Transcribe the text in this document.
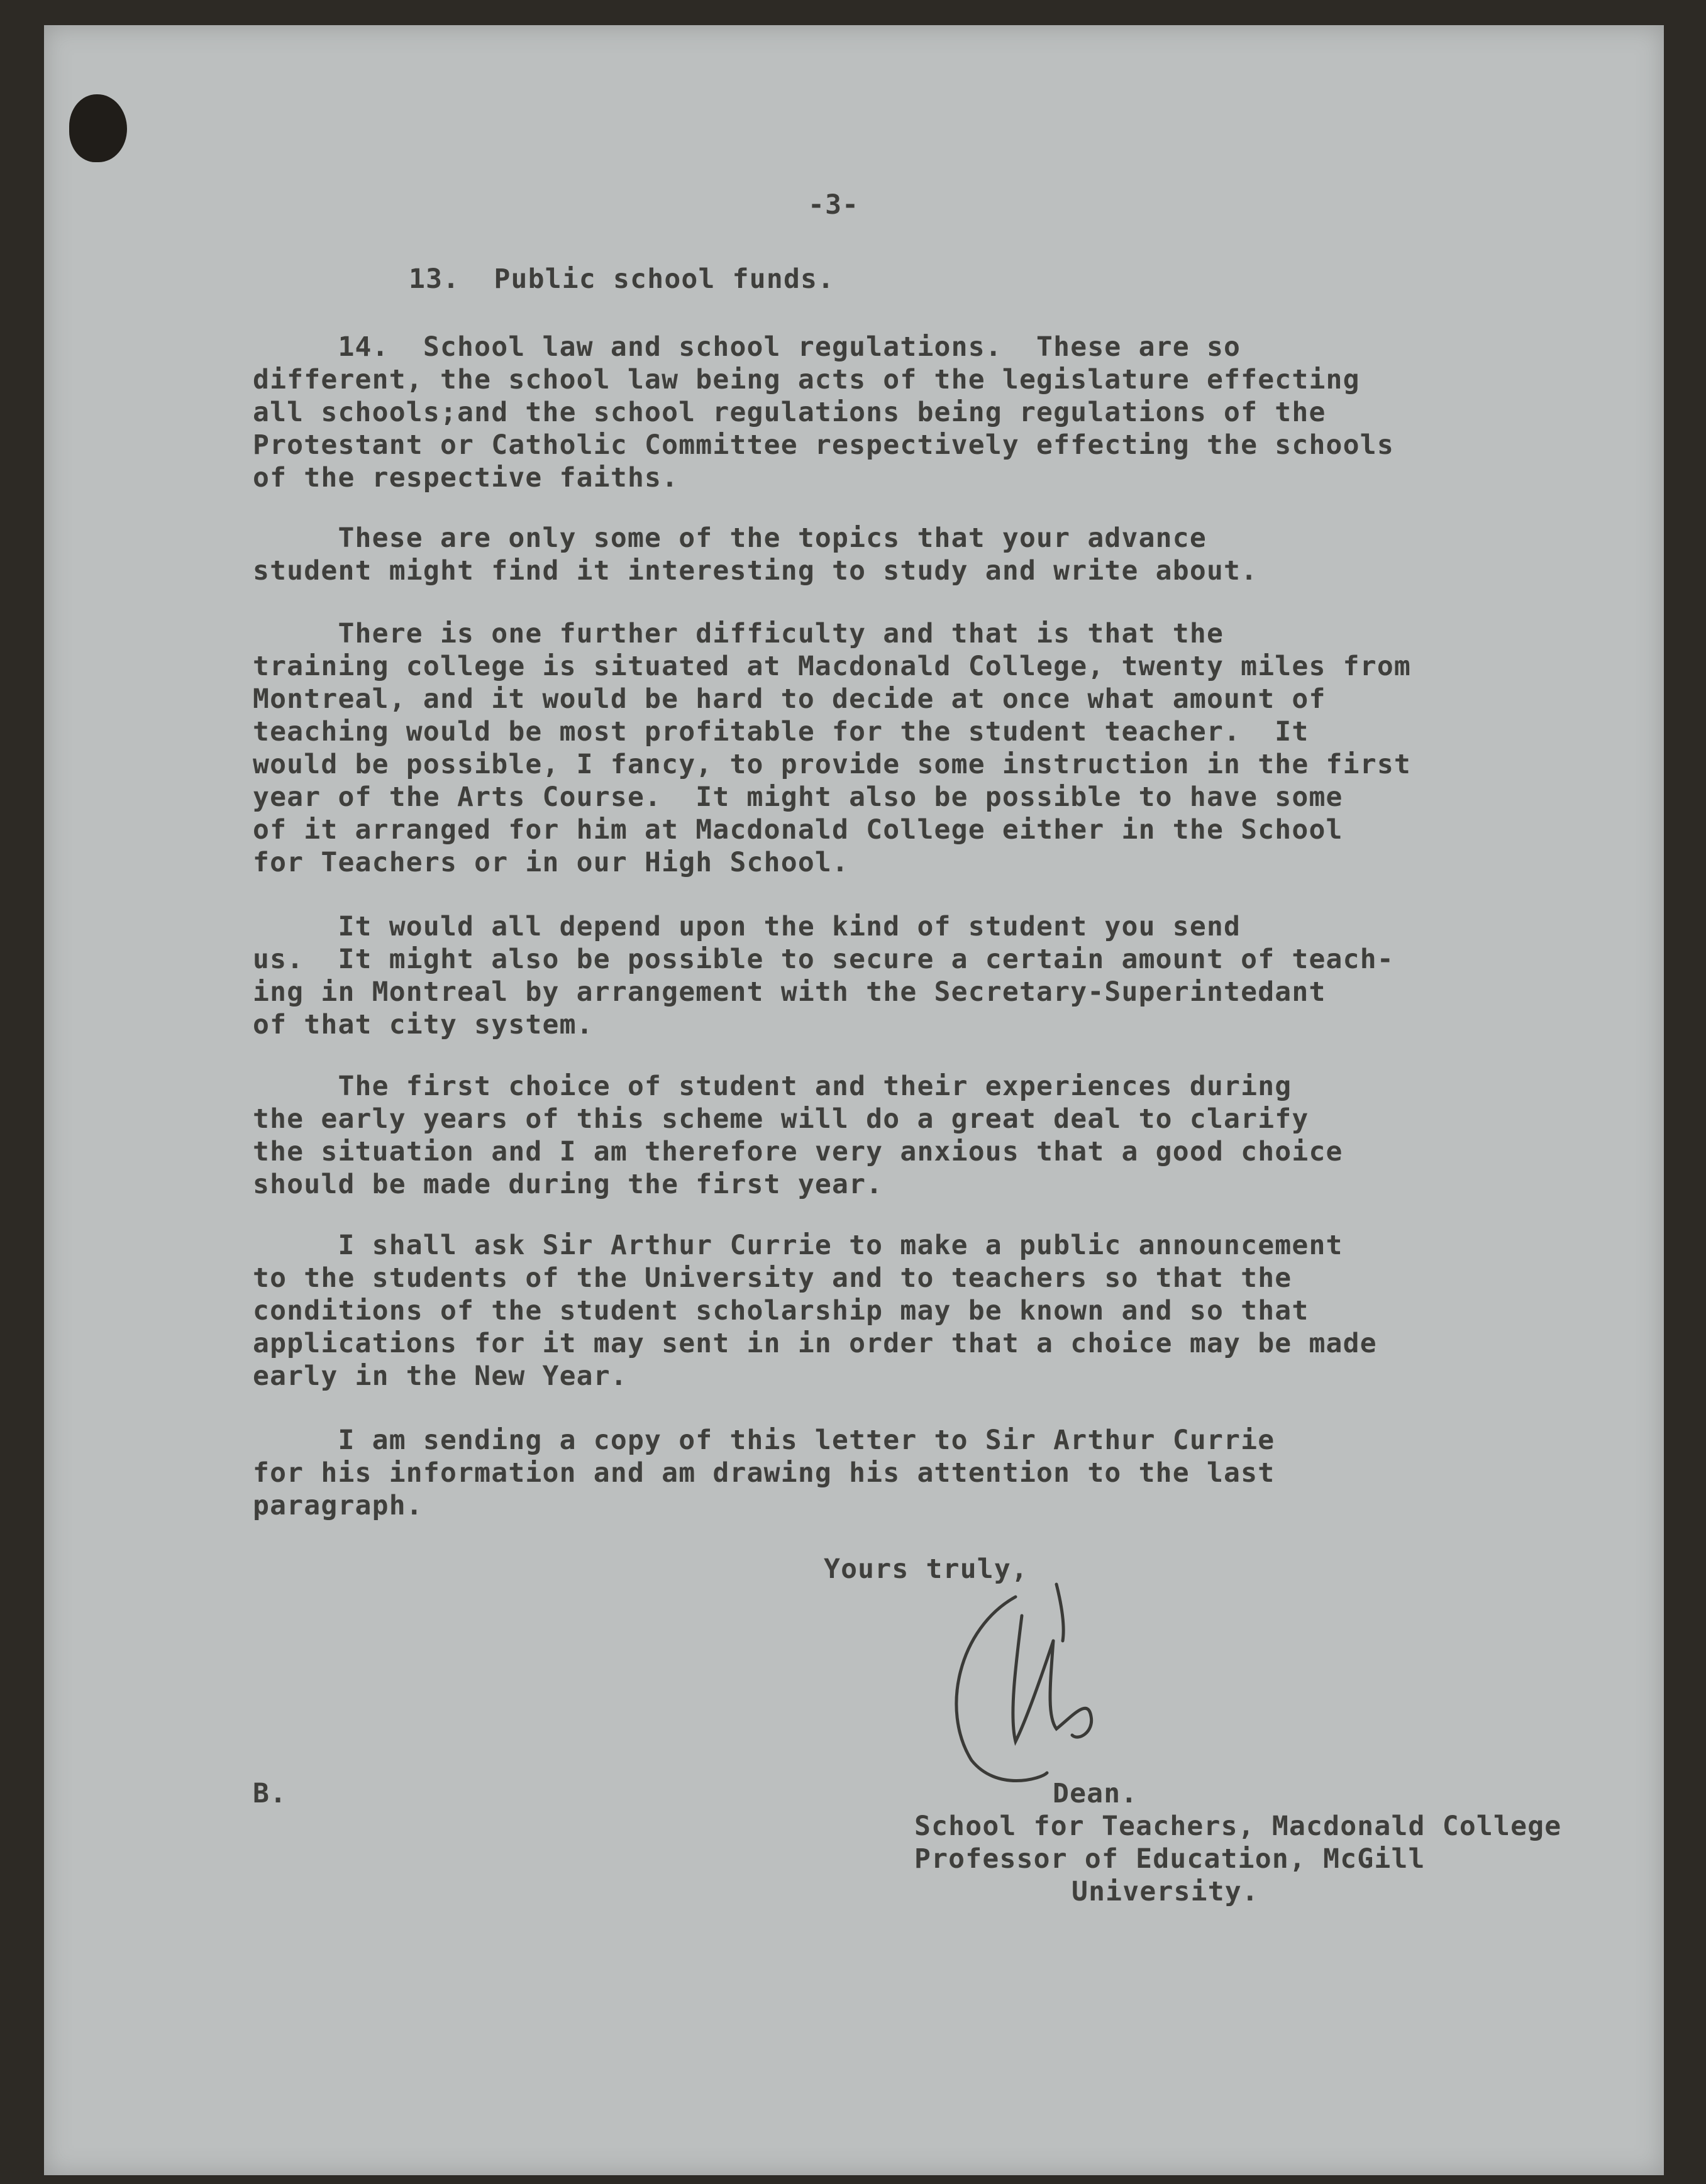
-3-
13.  Public school funds.
14.  School law and school regulations.  These are so
different, the school law being acts of the legislature effecting
all schools;and the school regulations being regulations of the
Protestant or Catholic Committee respectively effecting the schools
of the respective faiths.
These are only some of the topics that your advance
student might find it interesting to study and write about.
There is one further difficulty and that is that the
training college is situated at Macdonald College, twenty miles from
Montreal, and it would be hard to decide at once what amount of
teaching would be most profitable for the student teacher.  It
would be possible, I fancy, to provide some instruction in the first
year of the Arts Course.  It might also be possible to have some
of it arranged for him at Macdonald College either in the School
for Teachers or in our High School.
It would all depend upon the kind of student you send
us.  It might also be possible to secure a certain amount of teach-
ing in Montreal by arrangement with the Secretary-Superintedant
of that city system.
The first choice of student and their experiences during
the early years of this scheme will do a great deal to clarify
the situation and I am therefore very anxious that a good choice
should be made during the first year.
I shall ask Sir Arthur Currie to make a public announcement
to the students of the University and to teachers so that the
conditions of the student scholarship may be known and so that
applications for it may sent in in order that a choice may be made
early in the New Year.
I am sending a copy of this letter to Sir Arthur Currie
for his information and am drawing his attention to the last
paragraph.
Yours truly,
B.	Dean.
School for Teachers, Macdonald College
Professor of Education, McGill
University.
